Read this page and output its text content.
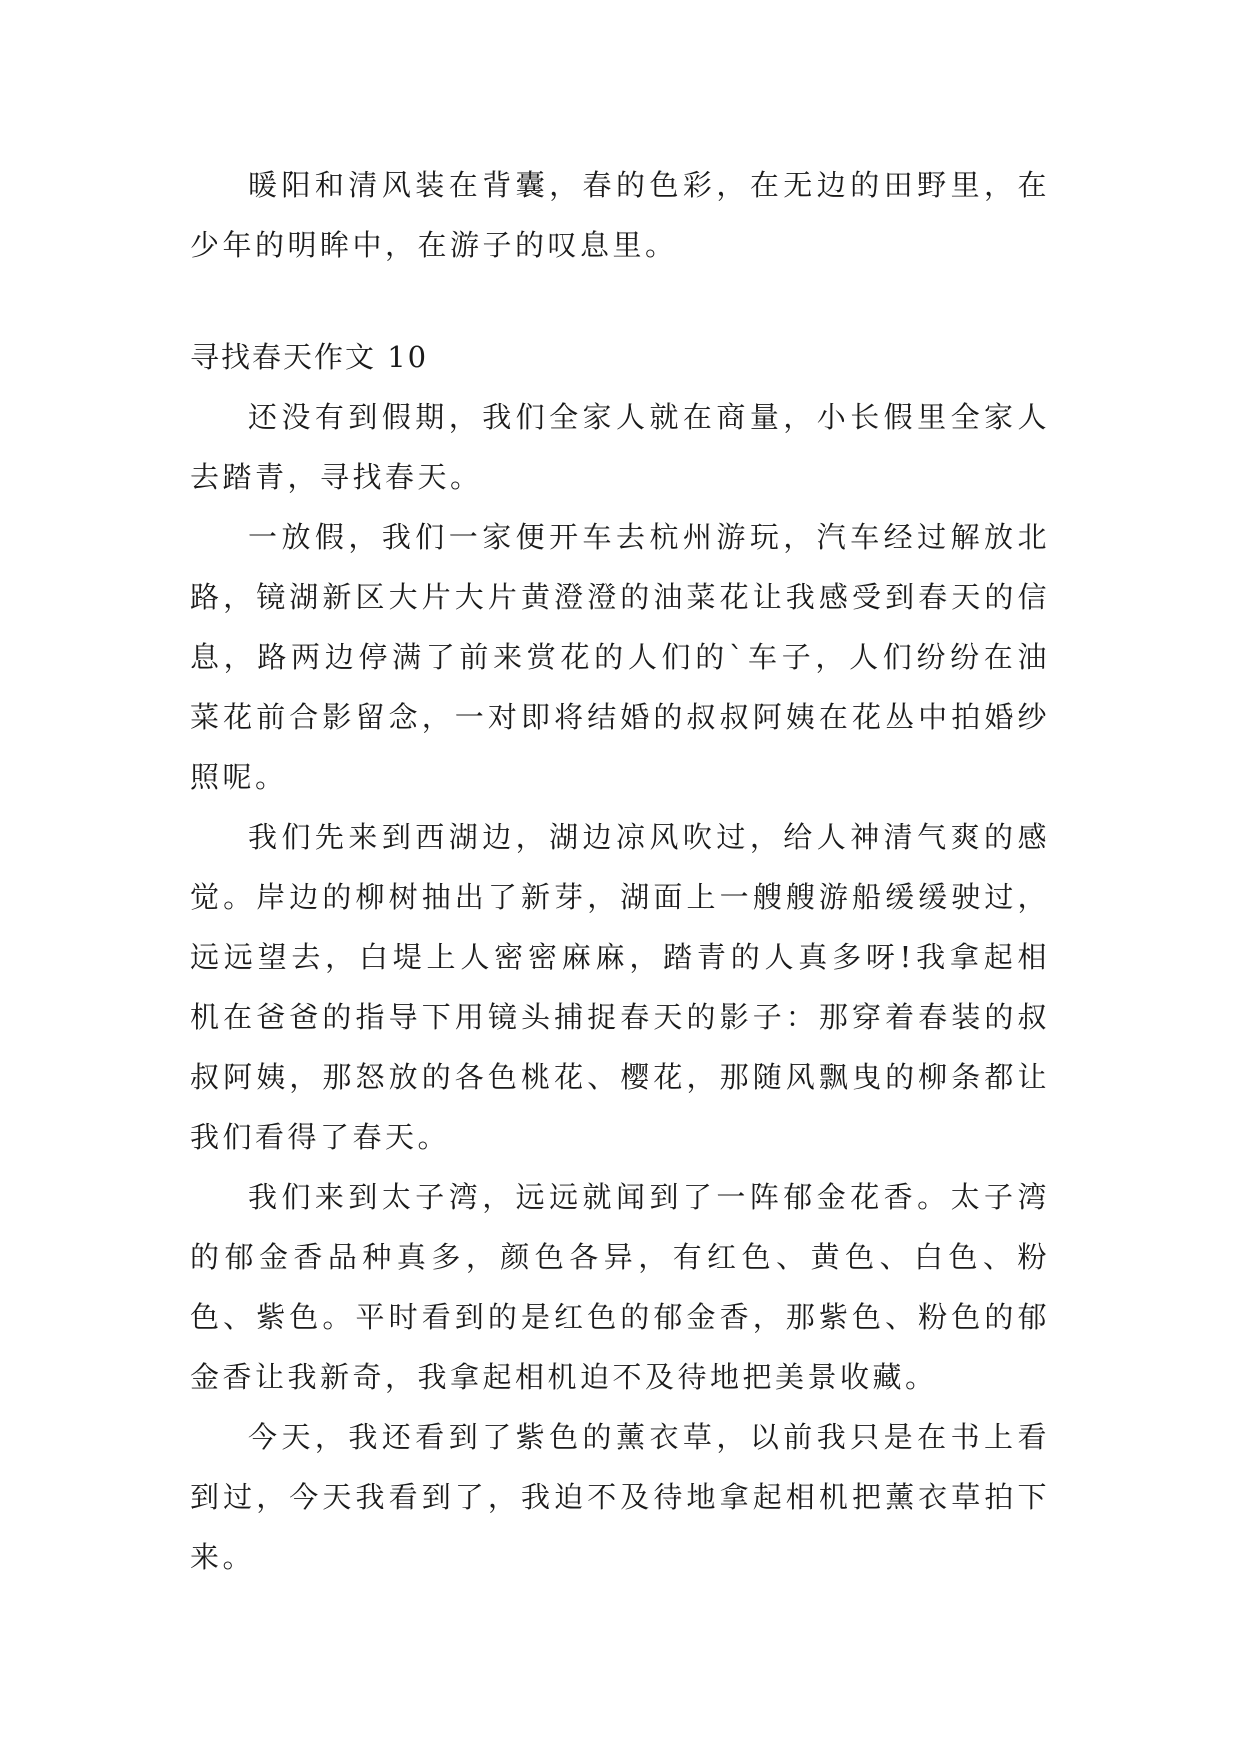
暖阳和清风装在背囊，春的色彩，在无边的田野里，在少年的明眸中，在游子的叹息里。

寻找春天作文 10

还没有到假期，我们全家人就在商量，小长假里全家人去踏青，寻找春天。

一放假，我们一家便开车去杭州游玩，汽车经过解放北路，镜湖新区大片大片黄澄澄的油菜花让我感受到春天的信息，路两边停满了前来赏花的人们的`车子，人们纷纷在油菜花前合影留念，一对即将结婚的叔叔阿姨在花丛中拍婚纱照呢。

我们先来到西湖边，湖边凉风吹过，给人神清气爽的感觉。岸边的柳树抽出了新芽，湖面上一艘艘游船缓缓驶过，远远望去，白堤上人密密麻麻，踏青的人真多呀!我拿起相机在爸爸的指导下用镜头捕捉春天的影子：那穿着春装的叔叔阿姨，那怒放的各色桃花、樱花，那随风飘曳的柳条都让我们看得了春天。

我们来到太子湾，远远就闻到了一阵郁金花香。太子湾的郁金香品种真多，颜色各异，有红色、黄色、白色、粉色、紫色。平时看到的是红色的郁金香，那紫色、粉色的郁金香让我新奇，我拿起相机迫不及待地把美景收藏。

今天，我还看到了紫色的薰衣草，以前我只是在书上看到过，今天我看到了，我迫不及待地拿起相机把薰衣草拍下来。
